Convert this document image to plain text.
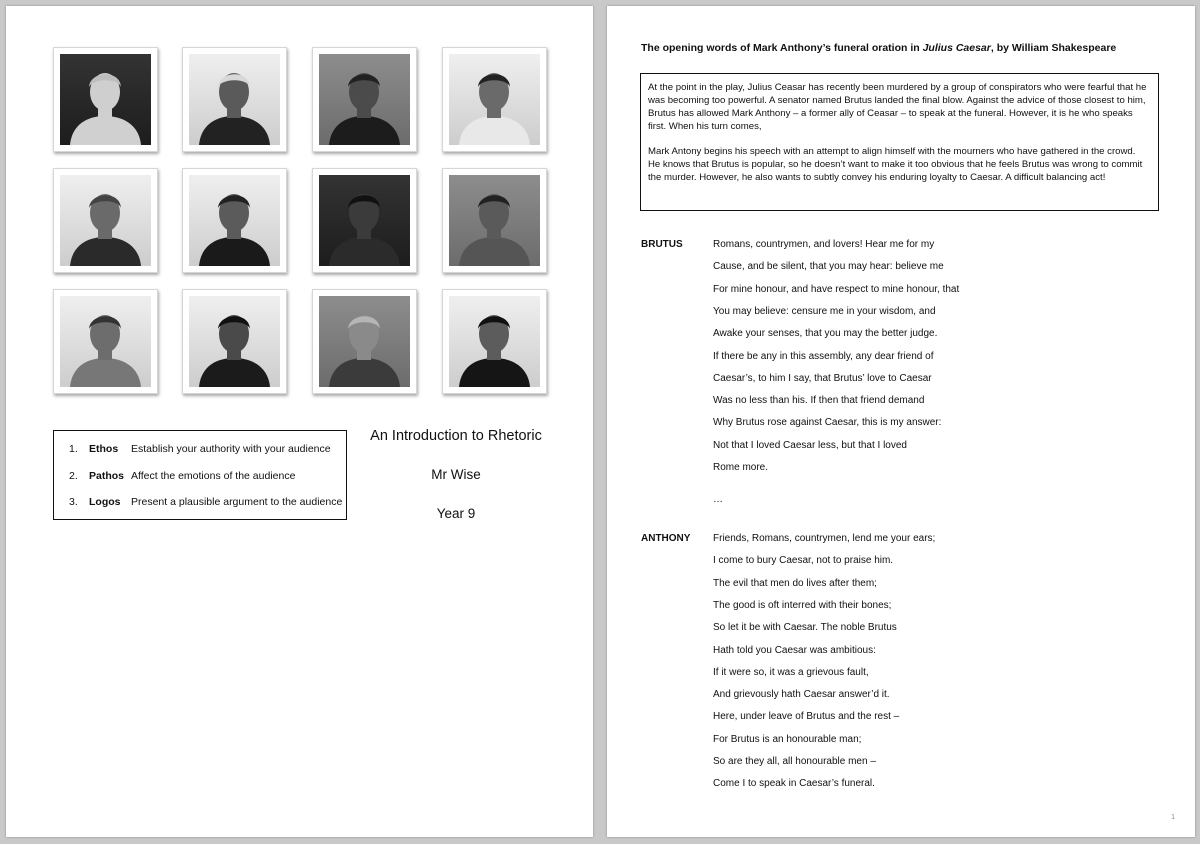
1. Ethos Establish your authority with your audience
2. Pathos Affect the emotions of the audience
3. Logos Present a plausible argument to the audience
An Introduction to Rhetoric
Mr Wise
Year 9
The opening words of Mark Anthony’s funeral oration in Julius Caesar, by William Shakespeare

At the point in the play, Julius Ceasar has recently been murdered by a group of conspirators who were fearful that he was becoming too powerful. A senator named Brutus landed the final blow. Against the advice of those closest to him, Brutus has allowed Mark Anthony – a former ally of Ceasar – to speak at the funeral. However, it is he who speaks first. When his turn comes,

Mark Antony begins his speech with an attempt to align himself with the mourners who have gathered in the crowd. He knows that Brutus is popular, so he doesn’t want to make it too obvious that he feels Brutus was wrong to commit the murder. However, he also wants to subtly convey his enduring loyalty to Caesar. A difficult balancing act!

BRUTUS	Romans, countrymen, and lovers! Hear me for my
Cause, and be silent, that you may hear: believe me
For mine honour, and have respect to mine honour, that
You may believe: censure me in your wisdom, and
Awake your senses, that you may the better judge.
If there be any in this assembly, any dear friend of
Caesar’s, to him I say, that Brutus’ love to Caesar
Was no less than his. If then that friend demand
Why Brutus rose against Caesar, this is my answer:
Not that I loved Caesar less, but that I loved
Rome more.
…
ANTHONY Friends, Romans, countrymen, lend me your ears;
I come to bury Caesar, not to praise him.
The evil that men do lives after them;
The good is oft interred with their bones;
So let it be with Caesar. The noble Brutus
Hath told you Caesar was ambitious:
If it were so, it was a grievous fault,
And grievously hath Caesar answer’d it.
Here, under leave of Brutus and the rest –
For Brutus is an honourable man;
So are they all, all honourable men –
Come I to speak in Caesar’s funeral.
1
